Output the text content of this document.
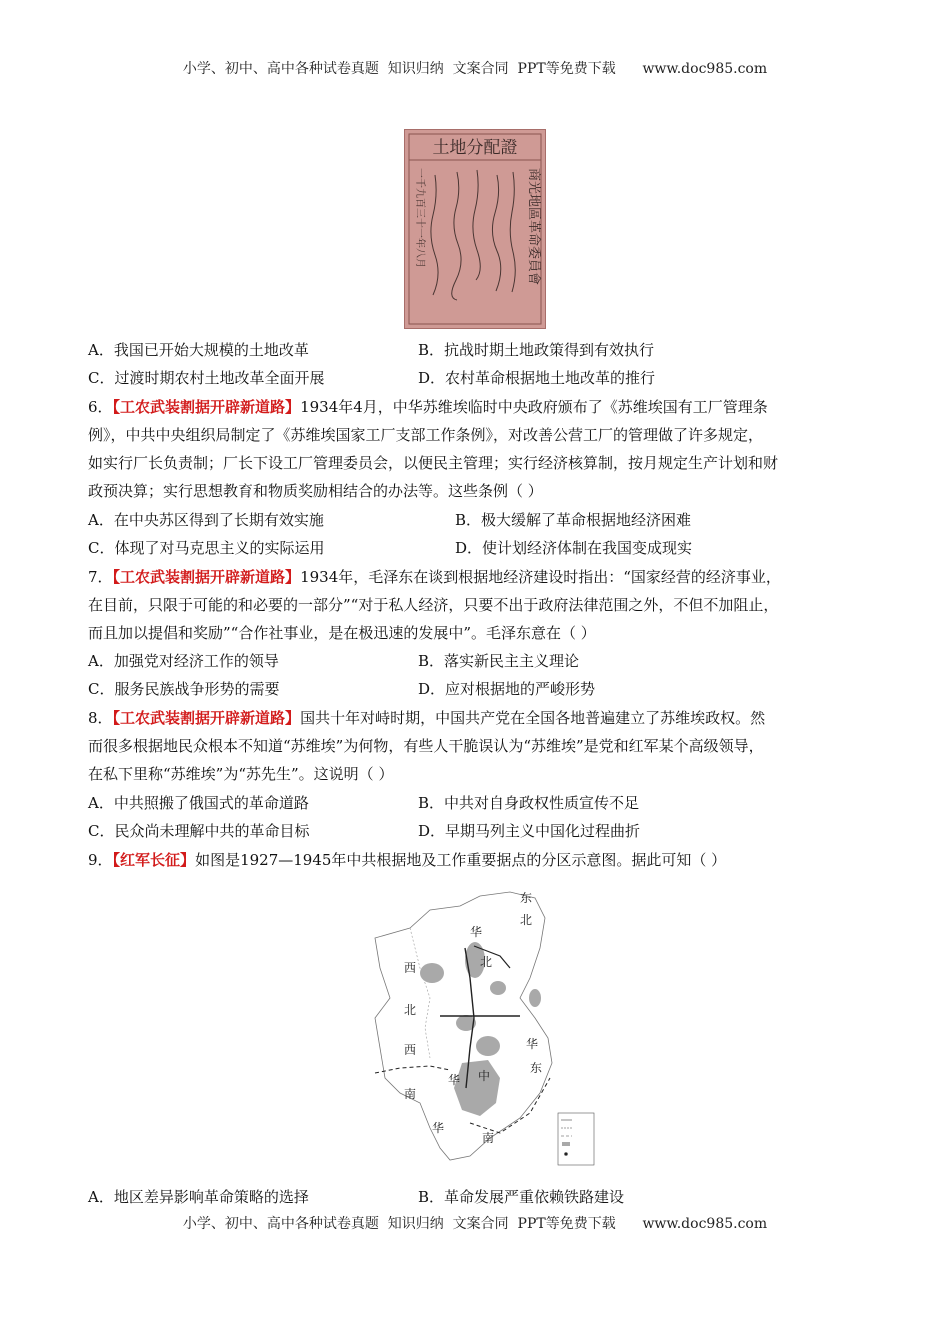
小学、初中、高中各种试卷真题  知识归纳  文案合同  PPT等免费下载      www.doc985.com
土地分配證
商光地區革命委員會
一千九百三十一年八月
A．我国已开始大规模的土地改革	B．抗战时期土地政策得到有效执行
C．过渡时期农村土地改革全面开展	D．农村革命根据地土地改革的推行
6．【工农武装割据开辟新道路】1934年4月，中华苏维埃临时中央政府颁布了《苏维埃国有工厂管理条
例》，中共中央组织局制定了《苏维埃国家工厂支部工作条例》，对改善公营工厂的管理做了许多规定，
如实行厂长负责制；厂长下设工厂管理委员会，以便民主管理；实行经济核算制，按月规定生产计划和财
政预决算；实行思想教育和物质奖励相结合的办法等。这些条例（ ）
A．在中央苏区得到了长期有效实施	B．极大缓解了革命根据地经济困难
C．体现了对马克思主义的实际运用	D．使计划经济体制在我国变成现实
7．【工农武装割据开辟新道路】1934年，毛泽东在谈到根据地经济建设时指出：“国家经营的经济事业，
在目前，只限于可能的和必要的一部分”“对于私人经济，只要不出于政府法律范围之外，不但不加阻止，
而且加以提倡和奖励”“合作社事业，是在极迅速的发展中”。毛泽东意在（ ）
A．加强党对经济工作的领导	B．落实新民主主义理论
C．服务民族战争形势的需要	D．应对根据地的严峻形势
8．【工农武装割据开辟新道路】国共十年对峙时期，中国共产党在全国各地普遍建立了苏维埃政权。然
而很多根据地民众根本不知道“苏维埃”为何物，有些人干脆误认为“苏维埃”是党和红军某个高级领导，
在私下里称“苏维埃”为“苏先生”。这说明（ ）
A．中共照搬了俄国式的革命道路	B．中共对自身政权性质宣传不足
C．民众尚未理解中共的革命目标	D．早期马列主义中国化过程曲折
9．【红军长征】如图是1927—1945年中共根据地及工作重要据点的分区示意图。据此可知（ ）
东
北
华
北
西
北
西	华
东
华 中
南
华
南
A．地区差异影响革命策略的选择	B．革命发展严重依赖铁路建设
小学、初中、高中各种试卷真题  知识归纳  文案合同  PPT等免费下载      www.doc985.com
